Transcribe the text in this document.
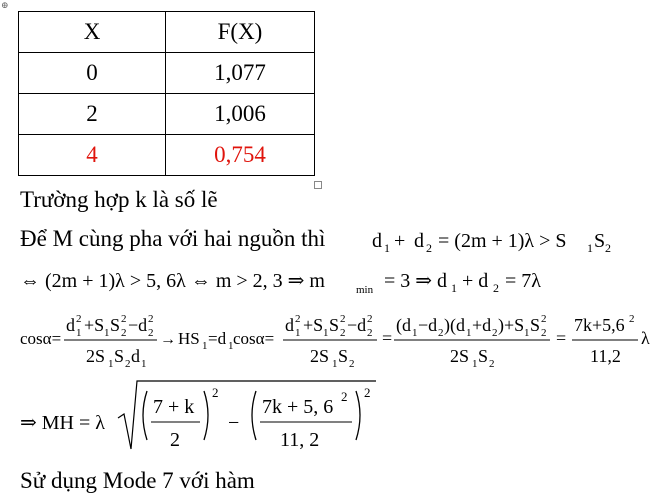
⊕
X	F(X)
0	1,077
2	1,006
4	0,754
Trường hợp k là số lẽ
Để M cùng pha với hai nguồn thì d 1 + d 2 = (2m + 1)λ > S 1 S 2
⇔ (2m + 1)λ > 5, 6λ ⇔ m > 2, 3 ⇒ m	min = 3 ⇒ d 1 + d 2 = 7λ
cosα=
d 2
1 +S 1 S 2
2 −d 2
2
2S 1 S 2 d 1
→ HS 1 =d 1 cosα=
d 2
1 +S 1 S 2
2 −d 2
2
2S 1 S 2
=
(d 1 −d 2 )(d 1 +d 2 )+S 1 S 2
2
2S 1 S 2
=
7k+5,6 2
11,2
λ
⇒ MH = λ
7 + k
2
2
−
7k + 5, 6 2
11, 2
2
Sử dụng Mode 7 với hàm
